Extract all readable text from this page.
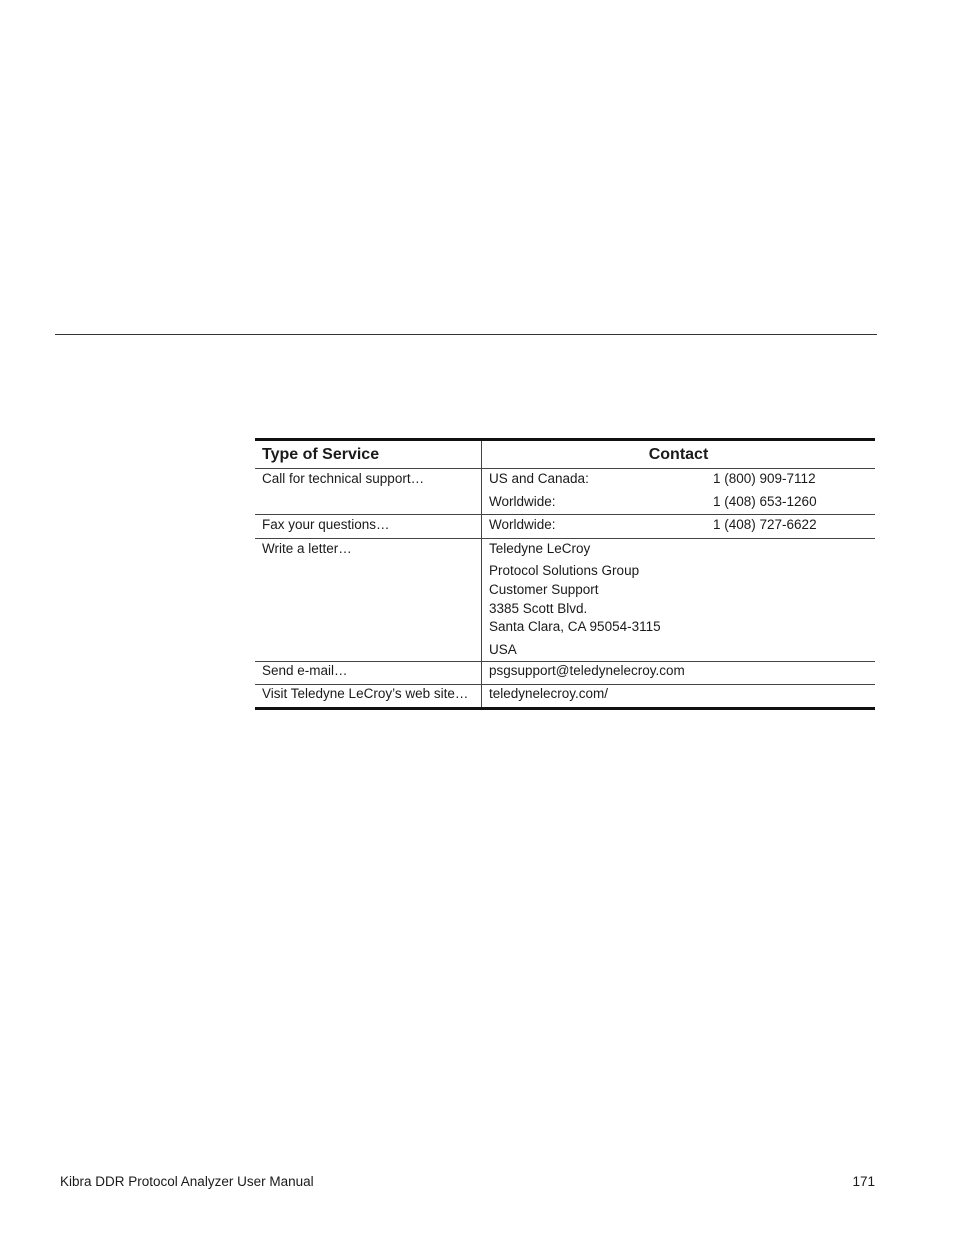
Type of Service	Contact
Call for technical support…	US and Canada:	1 (800) 909-7112
Worldwide:	1 (408) 653-1260
Fax your questions…	Worldwide:	1 (408) 727-6622
Write a letter…	Teledyne LeCroy
Protocol Solutions Group
Customer Support
3385 Scott Blvd.
Santa Clara, CA 95054-3115
USA
Send e-mail…	psgsupport@teledynelecroy.com
Visit Teledyne LeCroy’s web site…	teledynelecroy.com/
Kibra DDR Protocol Analyzer User Manual	171
